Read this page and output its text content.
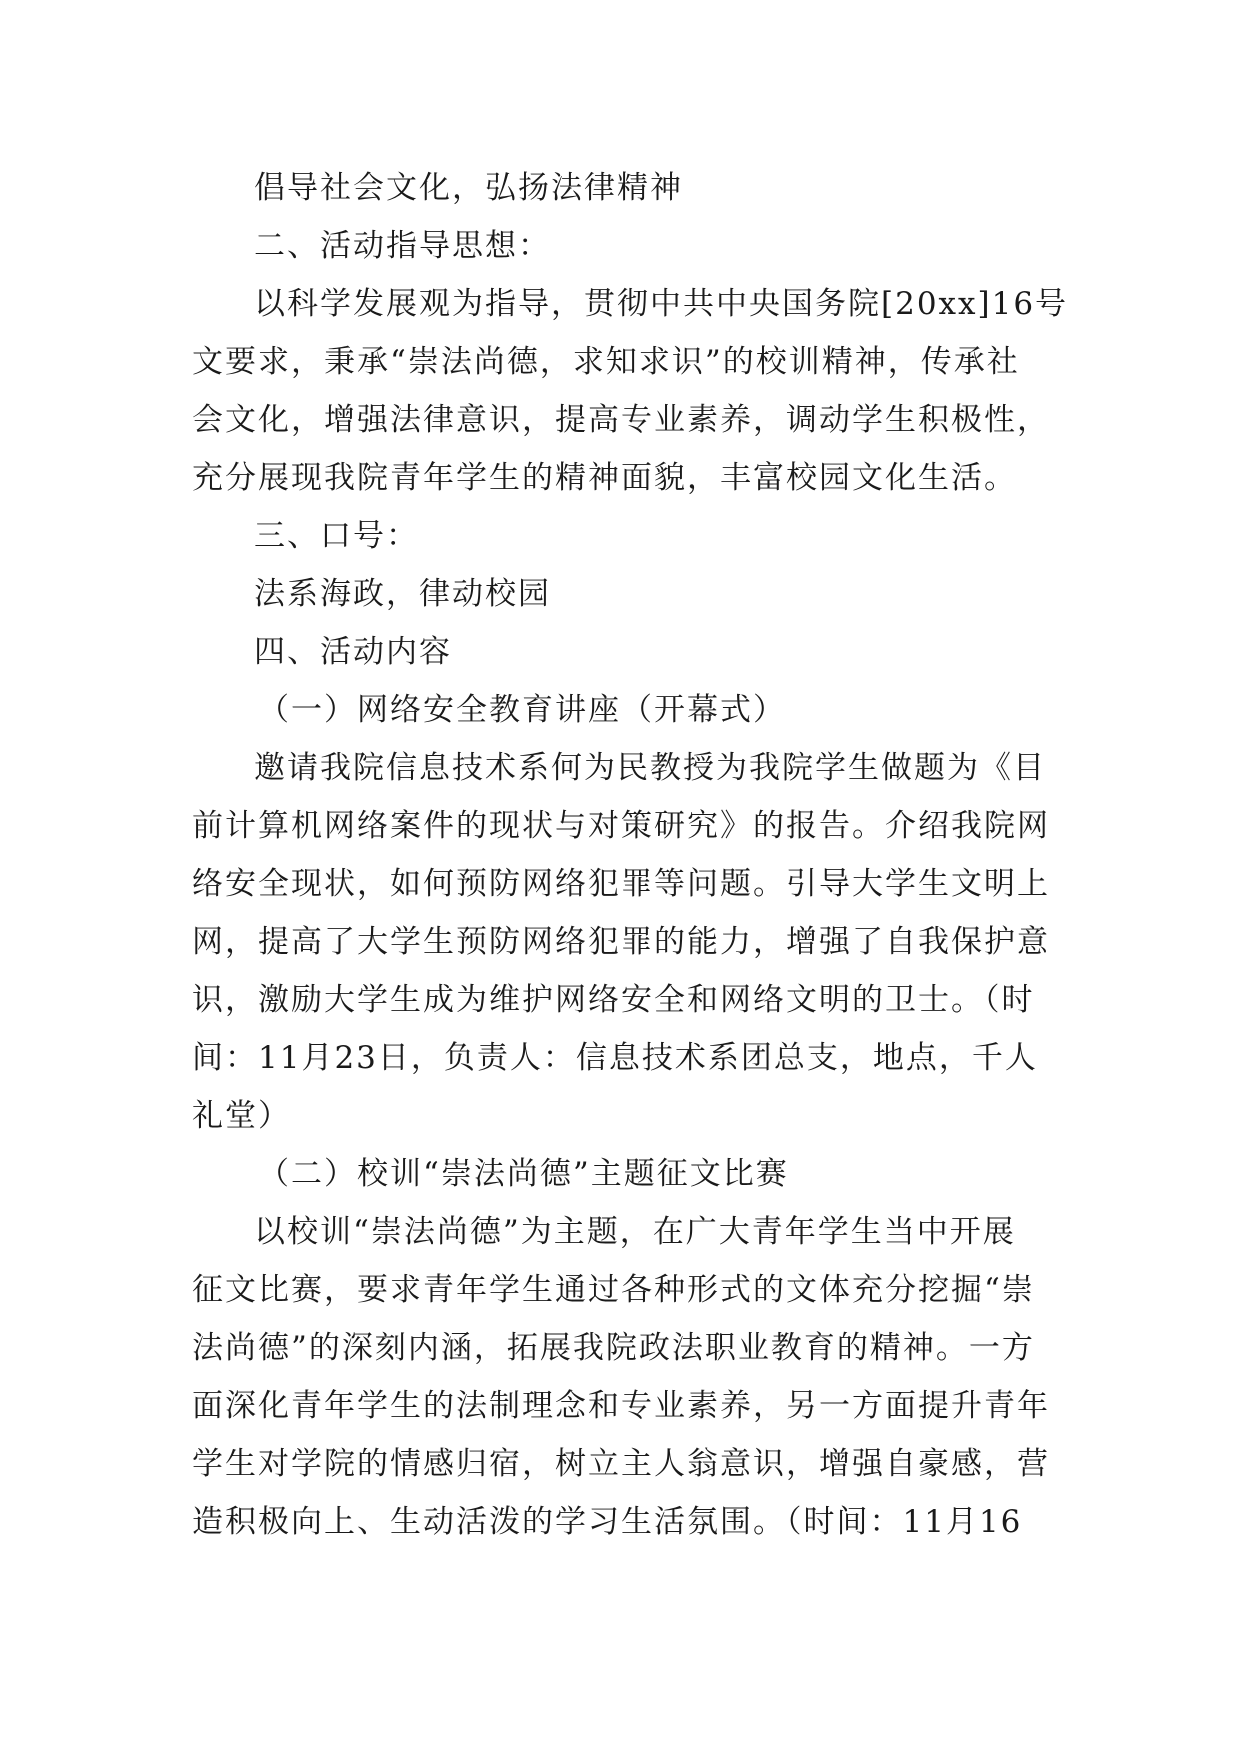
倡导社会文化，弘扬法律精神
二、活动指导思想：
以科学发展观为指导，贯彻中共中央国务院[20xx]16号
文要求，秉承“崇法尚德，求知求识”的校训精神，传承社
会文化，增强法律意识，提高专业素养，调动学生积极性，
充分展现我院青年学生的精神面貌，丰富校园文化生活。
三、口号：
法系海政，律动校园
四、活动内容
（一）网络安全教育讲座（开幕式）
邀请我院信息技术系何为民教授为我院学生做题为《目
前计算机网络案件的现状与对策研究》的报告。介绍我院网
络安全现状，如何预防网络犯罪等问题。引导大学生文明上
网，提高了大学生预防网络犯罪的能力，增强了自我保护意
识，激励大学生成为维护网络安全和网络文明的卫士。（时
间：11月23日，负责人：信息技术系团总支，地点，千人
礼堂）
（二）校训“崇法尚德”主题征文比赛
以校训“崇法尚德”为主题，在广大青年学生当中开展
征文比赛，要求青年学生通过各种形式的文体充分挖掘“崇
法尚德”的深刻内涵，拓展我院政法职业教育的精神。一方
面深化青年学生的法制理念和专业素养，另一方面提升青年
学生对学院的情感归宿，树立主人翁意识，增强自豪感，营
造积极向上、生动活泼的学习生活氛围。（时间：11月16
